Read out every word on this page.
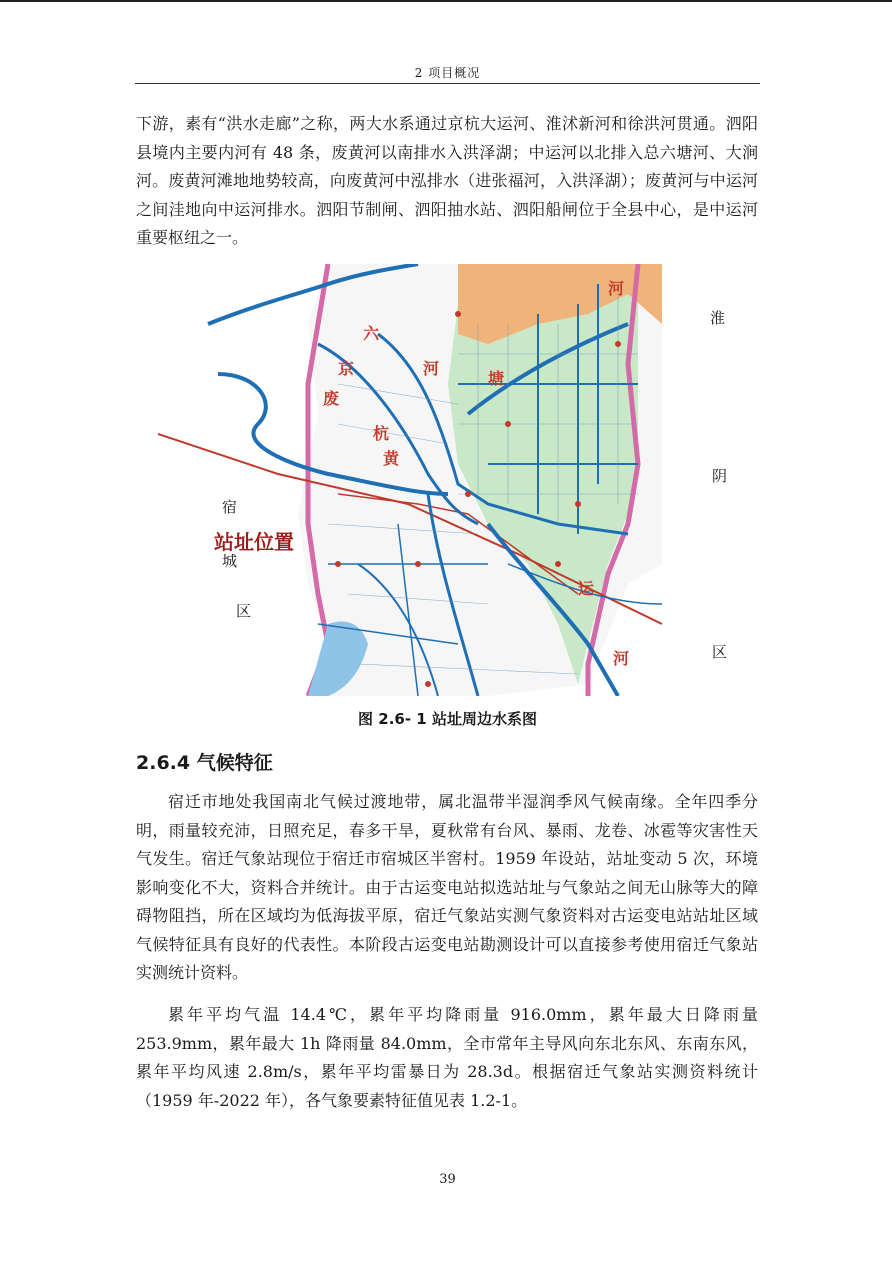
2 项目概况
下游，素有“洪水走廊”之称，两大水系通过京杭大运河、淮沭新河和徐洪河贯通。泗阳县境内主要内河有 48 条，废黄河以南排水入洪泽湖；中运河以北排入总六塘河、大涧河。废黄河滩地地势较高，向废黄河中泓排水（进张福河，入洪泽湖）；废黄河与中运河之间洼地向中运河排水。泗阳节制闸、泗阳抽水站、泗阳船闸位于全县中心，是中运河重要枢纽之一。
废
黄
河
六
塘
河
京
杭
运
河
淮
阴
区
宿
城
区
站址位置
图 2.6- 1 站址周边水系图
2.6.4 气候特征
宿迁市地处我国南北气候过渡地带，属北温带半湿润季风气候南缘。全年四季分明，雨量较充沛，日照充足，春多干旱，夏秋常有台风、暴雨、龙卷、冰雹等灾害性天气发生。宿迁气象站现位于宿迁市宿城区半窖村。1959 年设站，站址变动 5 次，环境影响变化不大，资料合并统计。由于古运变电站拟选站址与气象站之间无山脉等大的障碍物阻挡，所在区域均为低海拔平原，宿迁气象站实测气象资料对古运变电站站址区域气候特征具有良好的代表性。本阶段古运变电站勘测设计可以直接参考使用宿迁气象站实测统计资料。
累年平均气温 14.4℃，累年平均降雨量 916.0mm，累年最大日降雨量 253.9mm，累年最大 1h 降雨量 84.0mm，全市常年主导风向东北东风、东南东风，累年平均风速 2.8m/s，累年平均雷暴日为 28.3d。根据宿迁气象站实测资料统计（1959 年-2022 年），各气象要素特征值见表 1.2-1。
39
